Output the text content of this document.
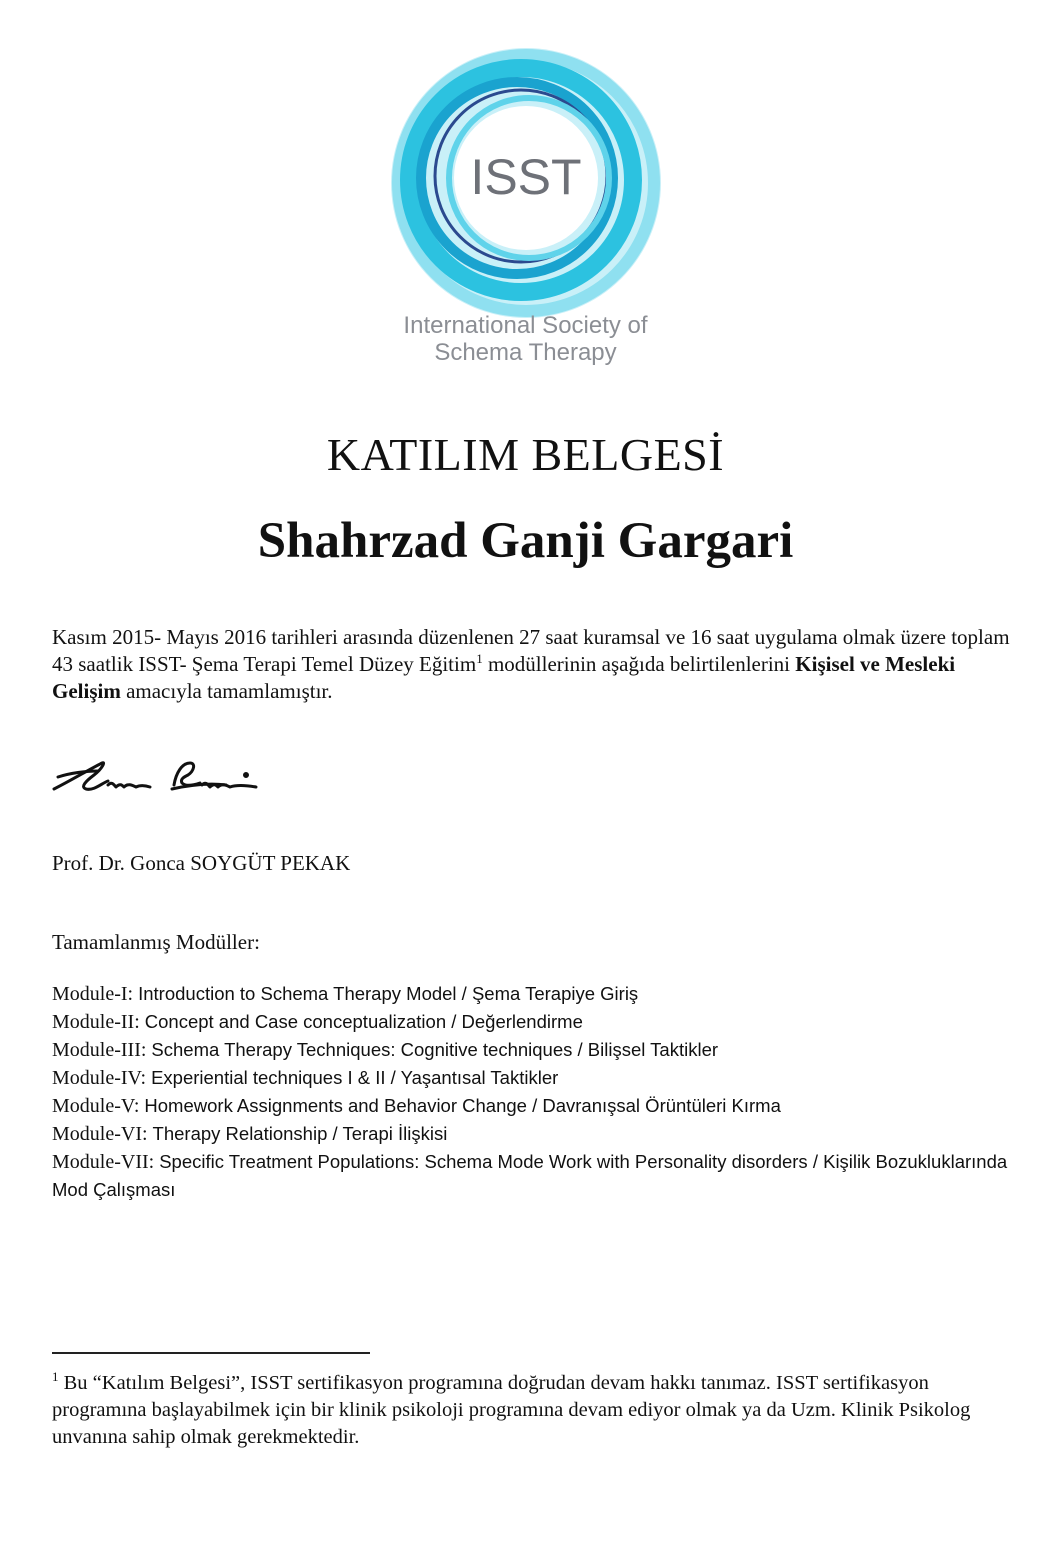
ISST
International Society of
Schema Therapy
KATILIM BELGESİ
Shahrzad Ganji Gargari
Kasım 2015- Mayıs 2016 tarihleri arasında düzenlenen 27 saat kuramsal ve 16 saat uygulama olmak üzere toplam 43 saatlik ISST- Şema Terapi Temel Düzey Eğitim$^1$ modüllerinin aşağıda belirtilenlerini Kişisel ve Mesleki Gelişim amacıyla tamamlamıştır.
Prof. Dr. Gonca SOYGÜT PEKAK
Tamamlanmış Modüller:
Module-I: Introduction to Schema Therapy Model / Şema Terapiye Giriş
Module-II: Concept and Case conceptualization / Değerlendirme
Module-III: Schema Therapy Techniques: Cognitive techniques / Bilişsel Taktikler
Module-IV: Experiential techniques I & II / Yaşantısal Taktikler
Module-V: Homework Assignments and Behavior Change / Davranışsal Örüntüleri Kırma
Module-VI: Therapy Relationship / Terapi İlişkisi
Module-VII: Specific Treatment Populations: Schema Mode Work with Personality disorders / Kişilik Bozukluklarında Mod Çalışması
$^1$ Bu “Katılım Belgesi”, ISST sertifikasyon programına doğrudan devam hakkı tanımaz. ISST sertifikasyon programına başlayabilmek için bir klinik psikoloji programına devam ediyor olmak ya da Uzm. Klinik Psikolog unvanına sahip olmak gerekmektedir.
